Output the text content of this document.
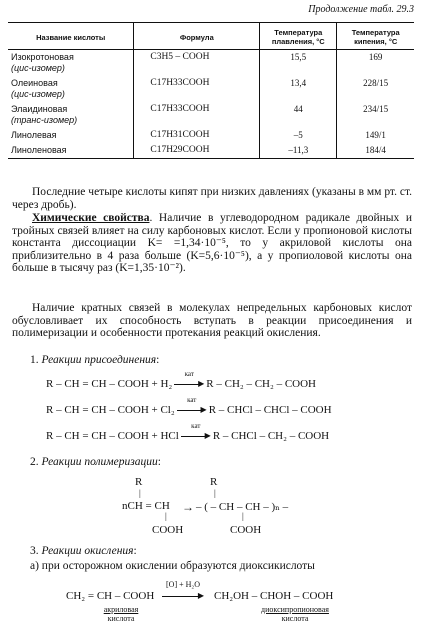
Продолжение табл. 29.3
Название кислоты	Формула	Температура плавления, °С	Температура кипения, °С

Изокротоновая
(цис-изомер)	C3H5 – COOH	15,5	169

Олеиновая
(цис-изомер)	C17H33COOH	13,4	228/15

Элаидиновая
(транс-изомер)	C17H33COOH	44	234/15

Линолевая	C17H31COOH	–5	149/1

Линоленовая	C17H29COOH	–11,3	184/4
Последние четыре кислоты кипят при низких давлениях (указаны в мм рт. ст. через дробь).
Химические свойства. Наличие в углеводородном радикале двойных и тройных связей влияет на силу карбоновых кислот. Если у пропионовой кислоты константа диссоциации K= =1,34·10⁻⁵, то у акриловой кислоты она приблизительно в 4 раза больше (K=5,6·10⁻⁵), а у пропиоловой кислоты она больше в тысячу раз (K=1,35·10⁻²).
Наличие кратных связей в молекулах непредельных карбоновых кислот обусловливает их способность вступать в реакции присоединения и полимеризации и особенности протекания реакций окисления.
1. Реакции присоединения:
R – CH = CH – COOH + H₂
кат
▶ R – CH₂ – CH₂ – COOH
R – CH = CH – COOH + Cl₂
кат
▶ R – CHCl – CHCl – COOH
R – CH = CH – COOH + HCl
кат
▶ R – CHCl – CH₂ – COOH
2. Реакции полимеризации:
R
|
R
|
nCH = CH → – ( – CH – CH – )ₙ –
|	|
COOH	COOH
3. Реакции окисления:
а) при осторожном окислении образуются диоксикислоты
CH₂ = CH – COOH
[O] + H₂O
▶ CH₂OH – CHOH – COOH
акриловая
кислота
диоксипропионовая
кислота
